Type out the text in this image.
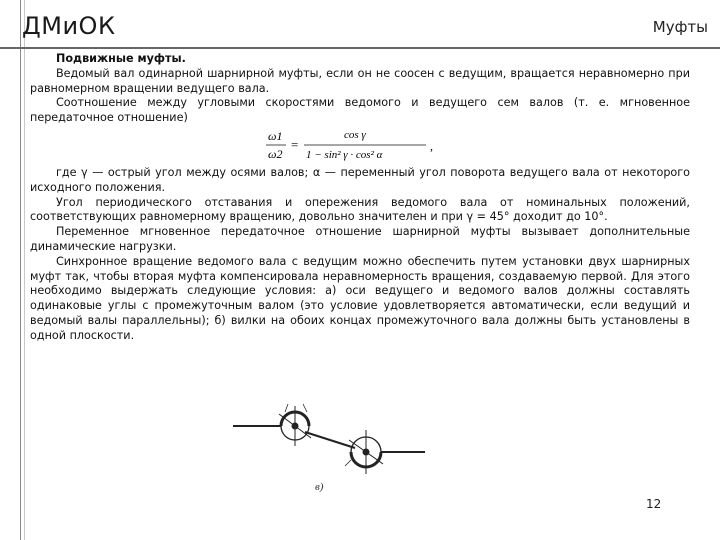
ДМиОК	Муфты

Подвижные муфты.

Ведомый вал одинарной шарнирной муфты, если он не соосен с ведущим, вращается неравномерно при равномерном вращении ведущего вала.

Соотношение между угловыми скоростями ведомого и ведущего сем валов (т. е. мгновенное передаточное отношение)

ω1
ω2
=
cos γ
1 − sin² γ · cos² α
,

где γ — острый угол между осями валов; α — переменный угол поворота ведущего вала от некоторого исходного положения.

Угол периодического отставания и опережения ведомого вала от номинальных положений, соответствующих равномерному вращению, довольно значителен и при γ = 45° доходит до 10°.

Переменное мгновенное передаточное отношение шарнирной муфты вызывает дополнительные динамические нагрузки.

Синхронное вращение ведомого вала с ведущим можно обеспечить путем установки двух шарнирных муфт так, чтобы вторая муфта компенсировала неравномерность вращения, создаваемую первой. Для этого необходимо выдержать следующие условия: а) оси ведущего и ведомого валов должны составлять одинаковые углы с промежуточным валом (это условие удовлетворяется автоматически, если ведущий и ведомый валы параллельны); б) вилки на обоих концах промежуточного вала должны быть установлены в одной плоскости.

в)
12
